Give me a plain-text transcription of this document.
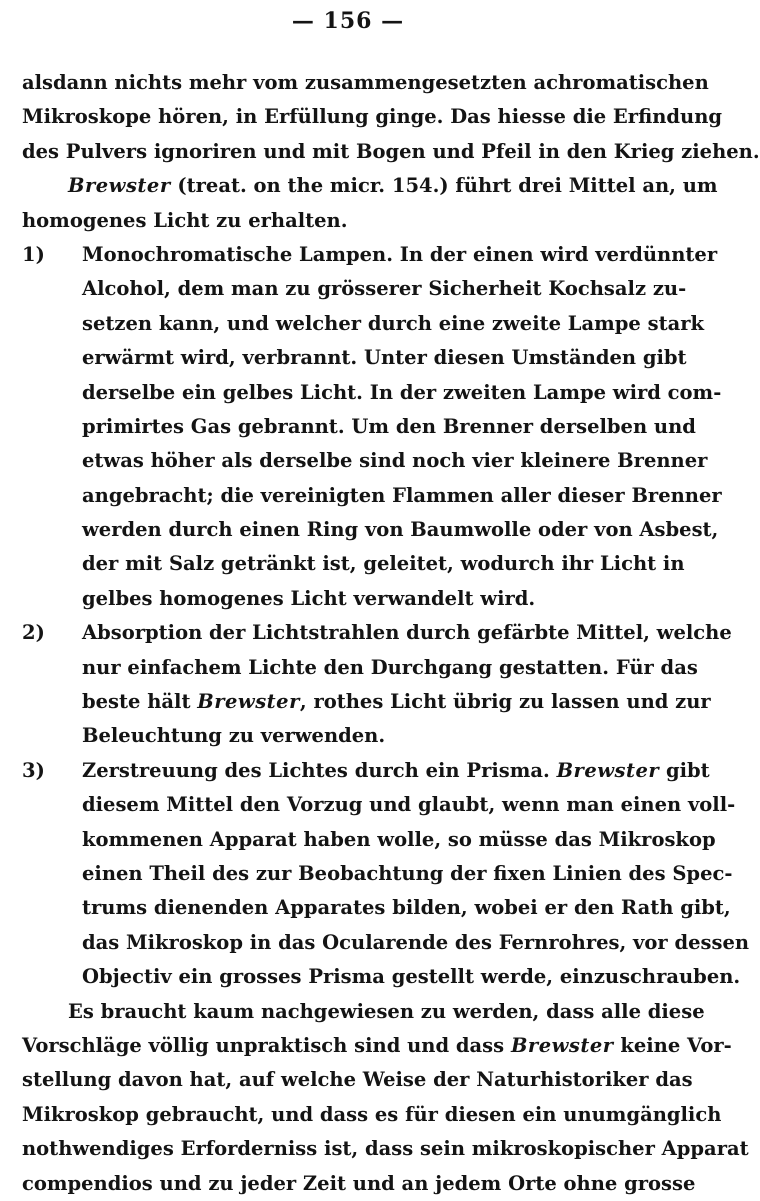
— 156 —
alsdann nichts mehr vom zusammengesetzten achromatischen
Mikroskope hören, in Erfüllung ginge. Das hiesse die Erfindung
des Pulvers ignoriren und mit Bogen und Pfeil in den Krieg ziehen.
Brewster (treat. on the micr. 154.) führt drei Mittel an, um
homogenes Licht zu erhalten.
1)	Monochromatische Lampen. In der einen wird verdünnter
Alcohol, dem man zu grösserer Sicherheit Kochsalz zu-
setzen kann, und welcher durch eine zweite Lampe stark
erwärmt wird, verbrannt. Unter diesen Umständen gibt
derselbe ein gelbes Licht. In der zweiten Lampe wird com-
primirtes Gas gebrannt. Um den Brenner derselben und
etwas höher als derselbe sind noch vier kleinere Brenner
angebracht; die vereinigten Flammen aller dieser Brenner
werden durch einen Ring von Baumwolle oder von Asbest,
der mit Salz getränkt ist, geleitet, wodurch ihr Licht in
gelbes homogenes Licht verwandelt wird.
2)	Absorption der Lichtstrahlen durch gefärbte Mittel, welche
nur einfachem Lichte den Durchgang gestatten. Für das
beste hält Brewster, rothes Licht übrig zu lassen und zur
Beleuchtung zu verwenden.
3)	Zerstreuung des Lichtes durch ein Prisma. Brewster gibt
diesem Mittel den Vorzug und glaubt, wenn man einen voll-
kommenen Apparat haben wolle, so müsse das Mikroskop
einen Theil des zur Beobachtung der fixen Linien des Spec-
trums dienenden Apparates bilden, wobei er den Rath gibt,
das Mikroskop in das Ocularende des Fernrohres, vor dessen
Objectiv ein grosses Prisma gestellt werde, einzuschrauben.
Es braucht kaum nachgewiesen zu werden, dass alle diese
Vorschläge völlig unpraktisch sind und dass Brewster keine Vor-
stellung davon hat, auf welche Weise der Naturhistoriker das
Mikroskop gebraucht, und dass es für diesen ein unumgänglich
nothwendiges Erforderniss ist, dass sein mikroskopischer Apparat
compendios und zu jeder Zeit und an jedem Orte ohne grosse
